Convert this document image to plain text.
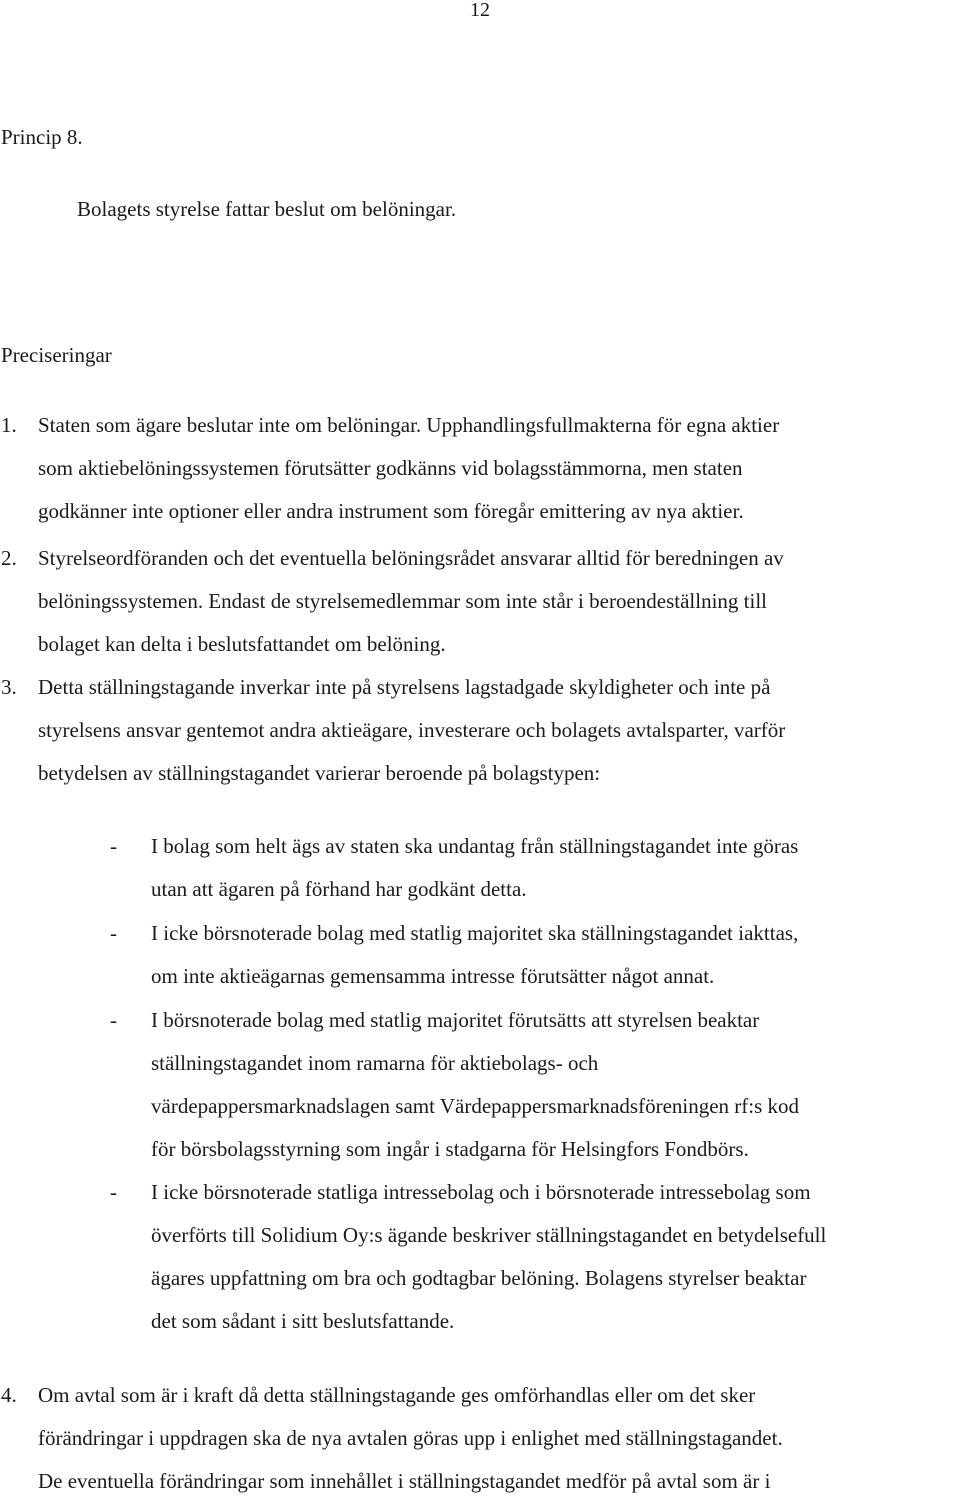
12
Princip 8.
Bolagets styrelse fattar beslut om belöningar.
Preciseringar
1. Staten som ägare beslutar inte om belöningar. Upphandlingsfullmakterna för egna aktier
som aktiebelöningssystemen förutsätter godkänns vid bolagsstämmorna, men staten
godkänner inte optioner eller andra instrument som föregår emittering av nya aktier.
2. Styrelseordföranden och det eventuella belöningsrådet ansvarar alltid för beredningen av
belöningssystemen. Endast de styrelsemedlemmar som inte står i beroendeställning till
bolaget kan delta i beslutsfattandet om belöning.
3. Detta ställningstagande inverkar inte på styrelsens lagstadgade skyldigheter och inte på
styrelsens ansvar gentemot andra aktieägare, investerare och bolagets avtalsparter, varför
betydelsen av ställningstagandet varierar beroende på bolagstypen:
- I bolag som helt ägs av staten ska undantag från ställningstagandet inte göras
utan att ägaren på förhand har godkänt detta.
- I icke börsnoterade bolag med statlig majoritet ska ställningstagandet iakttas,
om inte aktieägarnas gemensamma intresse förutsätter något annat.
- I börsnoterade bolag med statlig majoritet förutsätts att styrelsen beaktar
ställningstagandet inom ramarna för aktiebolags- och
värdepappersmarknadslagen samt Värdepappersmarknadsföreningen rf:s kod
för börsbolagsstyrning som ingår i stadgarna för Helsingfors Fondbörs.
- I icke börsnoterade statliga intressebolag och i börsnoterade intressebolag som
överförts till Solidium Oy:s ägande beskriver ställningstagandet en betydelsefull
ägares uppfattning om bra och godtagbar belöning. Bolagens styrelser beaktar
det som sådant i sitt beslutsfattande.
4. Om avtal som är i kraft då detta ställningstagande ges omförhandlas eller om det sker
förändringar i uppdragen ska de nya avtalen göras upp i enlighet med ställningstagandet.
De eventuella förändringar som innehållet i ställningstagandet medför på avtal som är i
